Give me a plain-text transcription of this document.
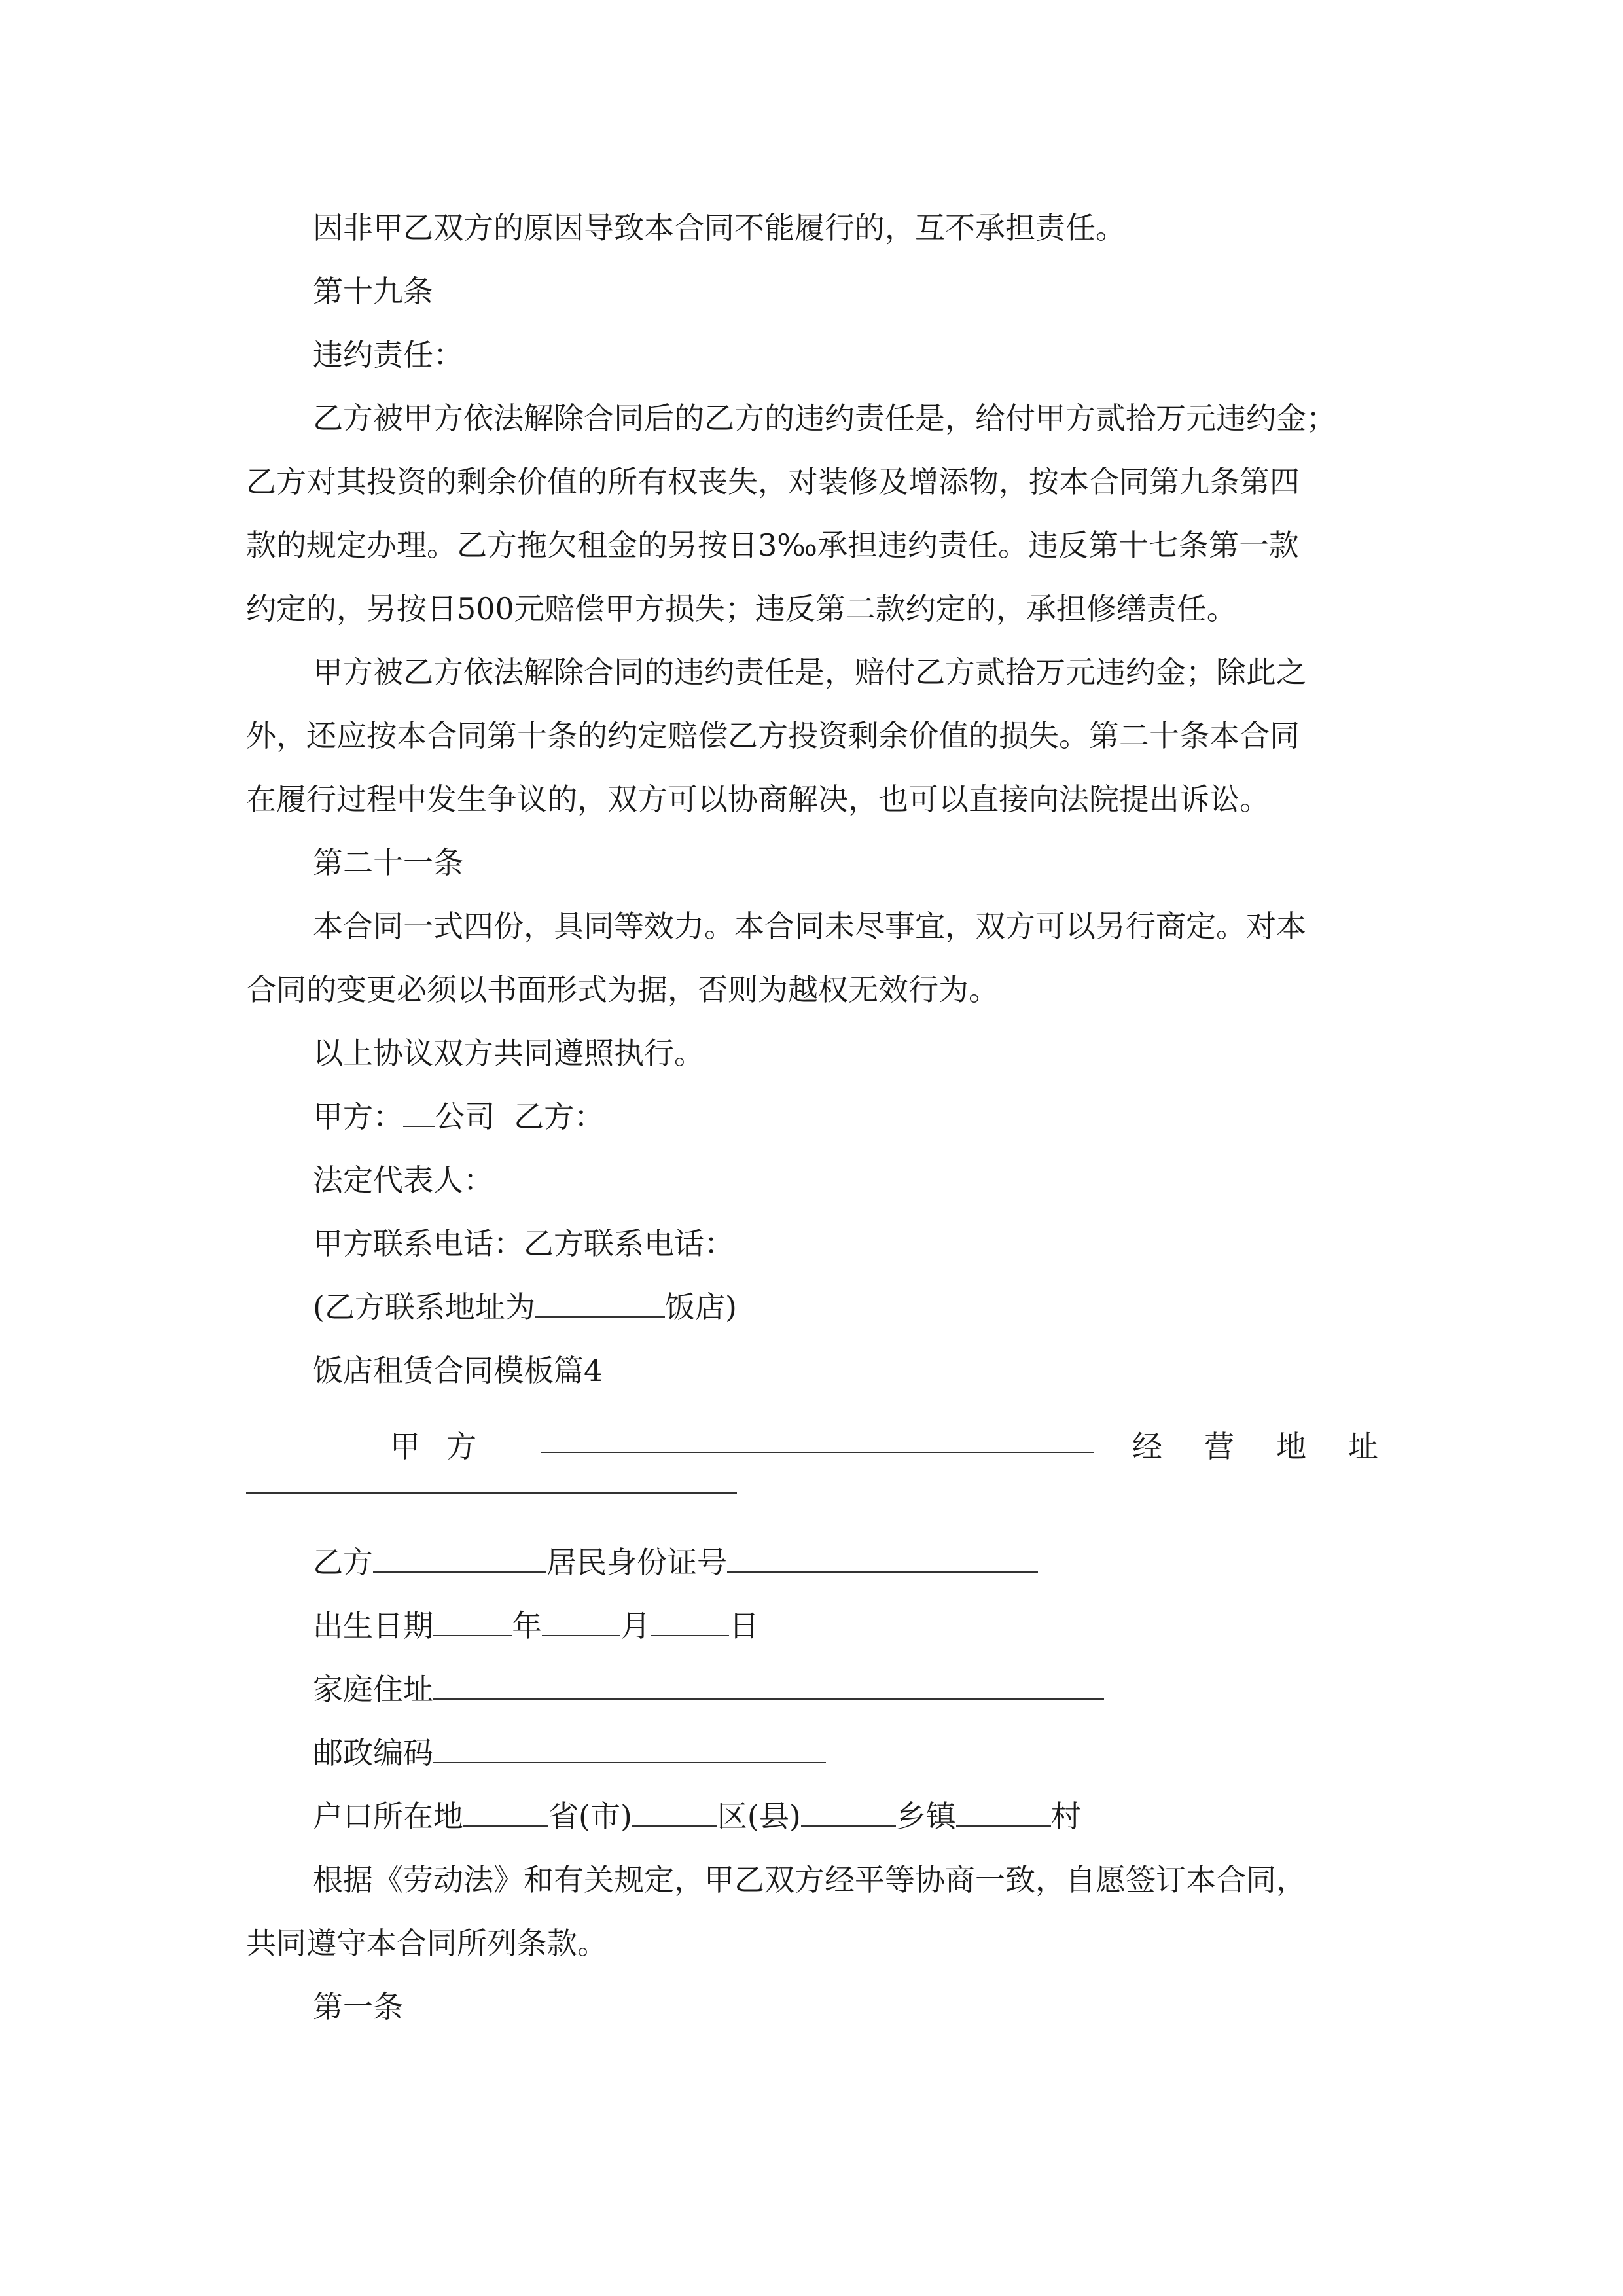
因非甲乙双方的原因导致本合同不能履行的，互不承担责任。

第十九条

违约责任：

乙方被甲方依法解除合同后的乙方的违约责任是，给付甲方贰拾万元违约金；

乙方对其投资的剩余价值的所有权丧失，对装修及增添物，按本合同第九条第四

款的规定办理。乙方拖欠租金的另按日3‰承担违约责任。违反第十七条第一款

约定的，另按日500元赔偿甲方损失；违反第二款约定的，承担修缮责任。

甲方被乙方依法解除合同的违约责任是，赔付乙方贰拾万元违约金；除此之

外，还应按本合同第十条的约定赔偿乙方投资剩余价值的损失。第二十条本合同

在履行过程中发生争议的，双方可以协商解决，也可以直接向法院提出诉讼。

第二十一条

本合同一式四份，具同等效力。本合同未尽事宜，双方可以另行商定。对本

合同的变更必须以书面形式为据，否则为越权无效行为。

以上协议双方共同遵照执行。

甲方： 公司 乙方：

法定代表人：

甲方联系电话：乙方联系电话：

(乙方联系地址为	饭店)

饭店租赁合同模板篇4

甲方	经营地址

乙方	居民身份证号

出生日期	年	月	日

家庭住址

邮政编码

户口所在地	省(市)	区(县)	乡镇	村

根据《劳动法》和有关规定，甲乙双方经平等协商一致，自愿签订本合同，

共同遵守本合同所列条款。

第一条
